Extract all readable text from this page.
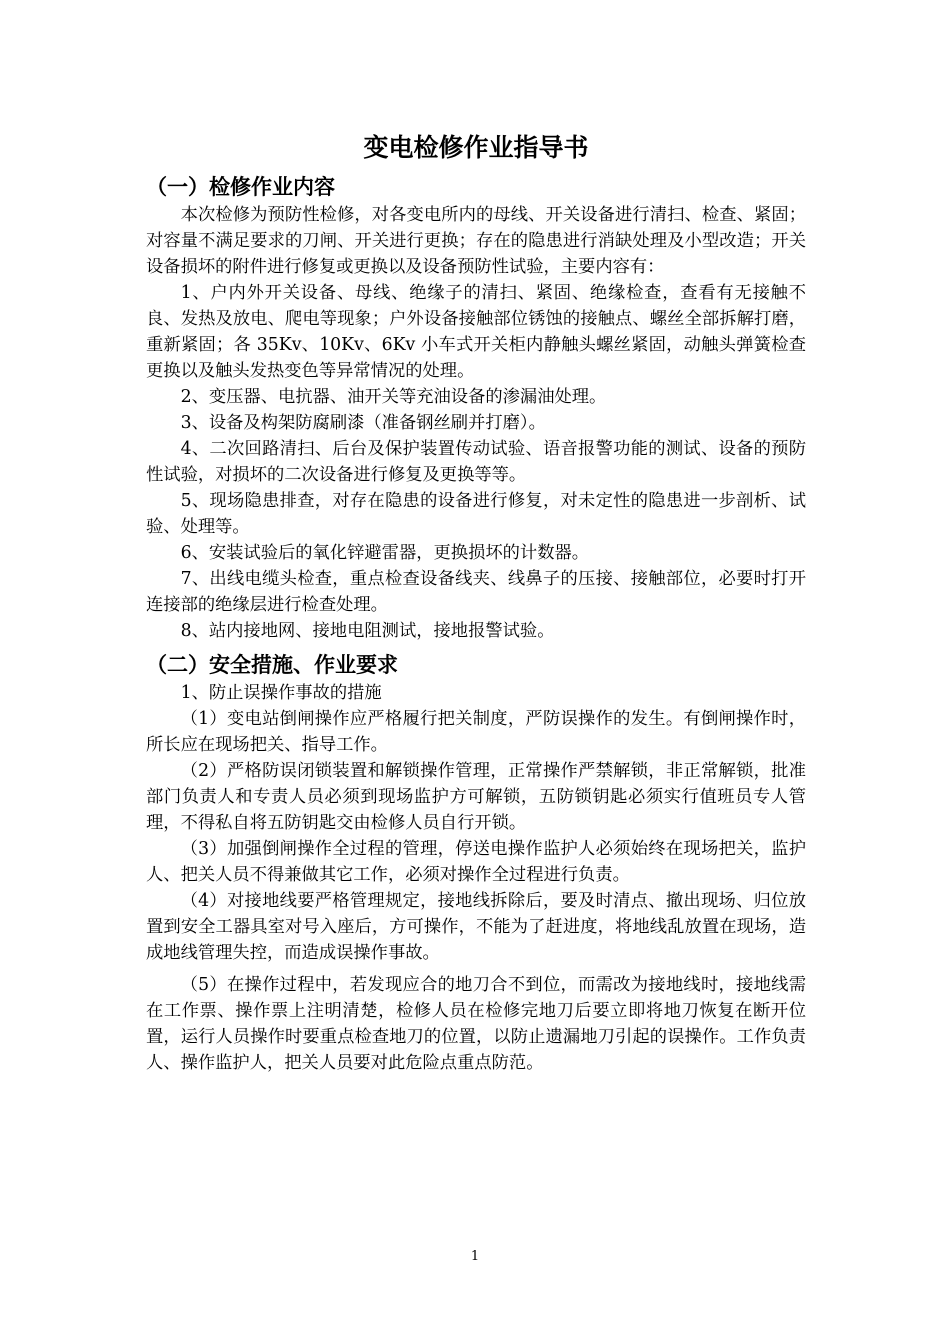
变电检修作业指导书
（一）检修作业内容

本次检修为预防性检修，对各变电所内的母线、开关设备进行清扫、检查、紧固；对容量不满足要求的刀闸、开关进行更换；存在的隐患进行消缺处理及小型改造；开关设备损坏的附件进行修复或更换以及设备预防性试验，主要内容有：

1、户内外开关设备、母线、绝缘子的清扫、紧固、绝缘检查，查看有无接触不良、发热及放电、爬电等现象；户外设备接触部位锈蚀的接触点、螺丝全部拆解打磨，重新紧固；各 35Kv、10Kv、6Kv 小车式开关柜内静触头螺丝紧固，动触头弹簧检查更换以及触头发热变色等异常情况的处理。

2、变压器、电抗器、油开关等充油设备的渗漏油处理。

3、设备及构架防腐刷漆（准备钢丝刷并打磨）。

4、二次回路清扫、后台及保护装置传动试验、语音报警功能的测试、设备的预防性试验，对损坏的二次设备进行修复及更换等等。

5、现场隐患排查，对存在隐患的设备进行修复，对未定性的隐患进一步剖析、试验、处理等。

6、安装试验后的氧化锌避雷器，更换损坏的计数器。

7、出线电缆头检查，重点检查设备线夹、线鼻子的压接、接触部位，必要时打开连接部的绝缘层进行检查处理。

8、站内接地网、接地电阻测试，接地报警试验。

（二）安全措施、作业要求

1、防止误操作事故的措施

（1）变电站倒闸操作应严格履行把关制度，严防误操作的发生。有倒闸操作时，所长应在现场把关、指导工作。

（2）严格防误闭锁装置和解锁操作管理，正常操作严禁解锁，非正常解锁，批准部门负责人和专责人员必须到现场监护方可解锁，五防锁钥匙必须实行值班员专人管理，不得私自将五防钥匙交由检修人员自行开锁。

（3）加强倒闸操作全过程的管理，停送电操作监护人必须始终在现场把关，监护人、把关人员不得兼做其它工作，必须对操作全过程进行负责。

（4）对接地线要严格管理规定，接地线拆除后，要及时清点、撤出现场、归位放置到安全工器具室对号入座后，方可操作，不能为了赶进度，将地线乱放置在现场，造成地线管理失控，而造成误操作事故。

（5）在操作过程中，若发现应合的地刀合不到位，而需改为接地线时，接地线需在工作票、操作票上注明清楚，检修人员在检修完地刀后要立即将地刀恢复在断开位置，运行人员操作时要重点检查地刀的位置，以防止遗漏地刀引起的误操作。工作负责人、操作监护人，把关人员要对此危险点重点防范。

1
